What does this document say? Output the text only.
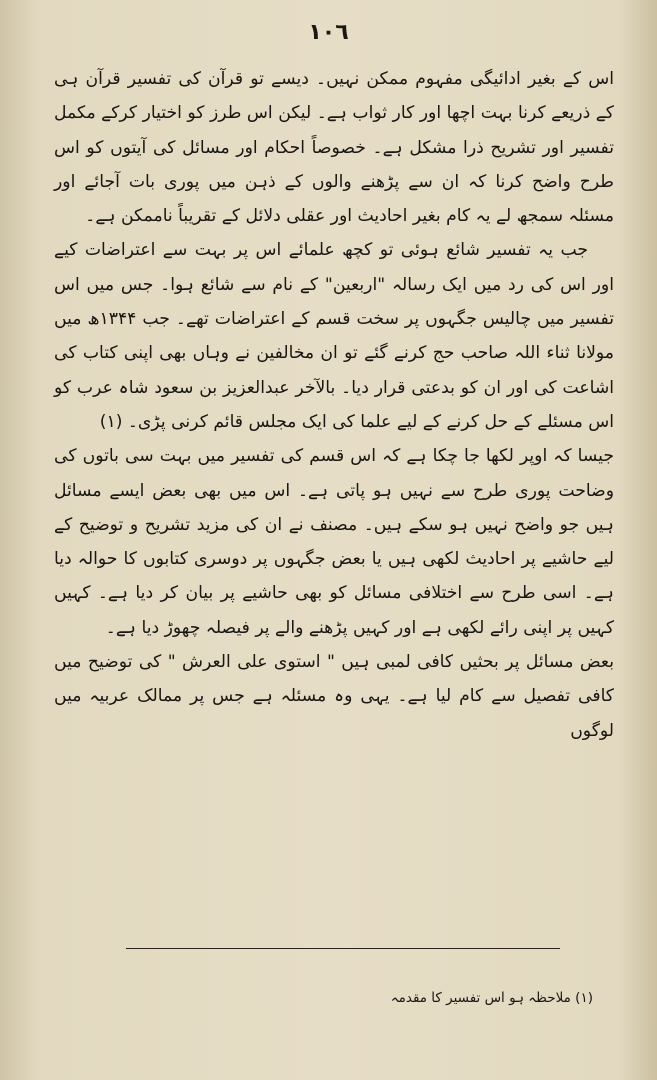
١٠٦

اس کے بغیر ادائیگی مفہوم ممکن نہیں۔ دیسے تو قرآن کی تفسیر قرآن ہی کے ذریعے کرنا بہت اچھا اور کار ثواب ہے۔ لیکن اس طرز کو اختیار کرکے مکمل تفسیر اور تشریح ذرا مشکل ہے۔ خصوصاً احکام اور مسائل کی آیتوں کو اس طرح واضح کرنا کہ ان سے پڑھنے والوں کے ذہن میں پوری بات آجائے اور مسئلہ سمجھ لے یہ کام بغیر احادیث اور عقلی دلائل کے تقریباً ناممکن ہے۔

جب یہ تفسیر شائع ہوئی تو کچھ علمائے اس پر بہت سے اعتراضات کیے اور اس کی رد میں ایک رسالہ "اربعین" کے نام سے شائع ہوا۔ جس میں اس تفسیر میں چالیس جگہوں پر سخت قسم کے اعتراضات تھے۔ جب ۱۳۴۴ھ میں مولانا ثناء اللہ صاحب حج کرنے گئے تو ان مخالفین نے وہاں بھی اپنی کتاب کی اشاعت کی اور ان کو بدعتی قرار دیا۔ بالآخر عبدالعزیز بن سعود شاہ عرب کو اس مسئلے کے حل کرنے کے لیے علما کی ایک مجلس قائم کرنی پڑی۔ (۱)

جیسا کہ اوپر لکھا جا چکا ہے کہ اس قسم کی تفسیر میں بہت سی باتوں کی وضاحت پوری طرح سے نہیں ہو پاتی ہے۔ اس میں بھی بعض ایسے مسائل ہیں جو واضح نہیں ہو سکے ہیں۔ مصنف نے ان کی مزید تشریح و توضیح کے لیے حاشیے پر احادیث لکھی ہیں یا بعض جگہوں پر دوسری کتابوں کا حوالہ دیا ہے۔ اسی طرح سے اختلافی مسائل کو بھی حاشیے پر بیان کر دیا ہے۔ کہیں کہیں پر اپنی رائے لکھی ہے اور کہیں پڑھنے والے پر فیصلہ چھوڑ دیا ہے۔

بعض مسائل پر بحثیں کافی لمبی ہیں " استوی علی العرش " کی توضیح میں کافی تفصیل سے کام لیا ہے۔ یہی وہ مسئلہ ہے جس پر ممالک عربیہ میں لوگوں

(۱) ملاحظہ ہو اس تفسیر کا مقدمہ
